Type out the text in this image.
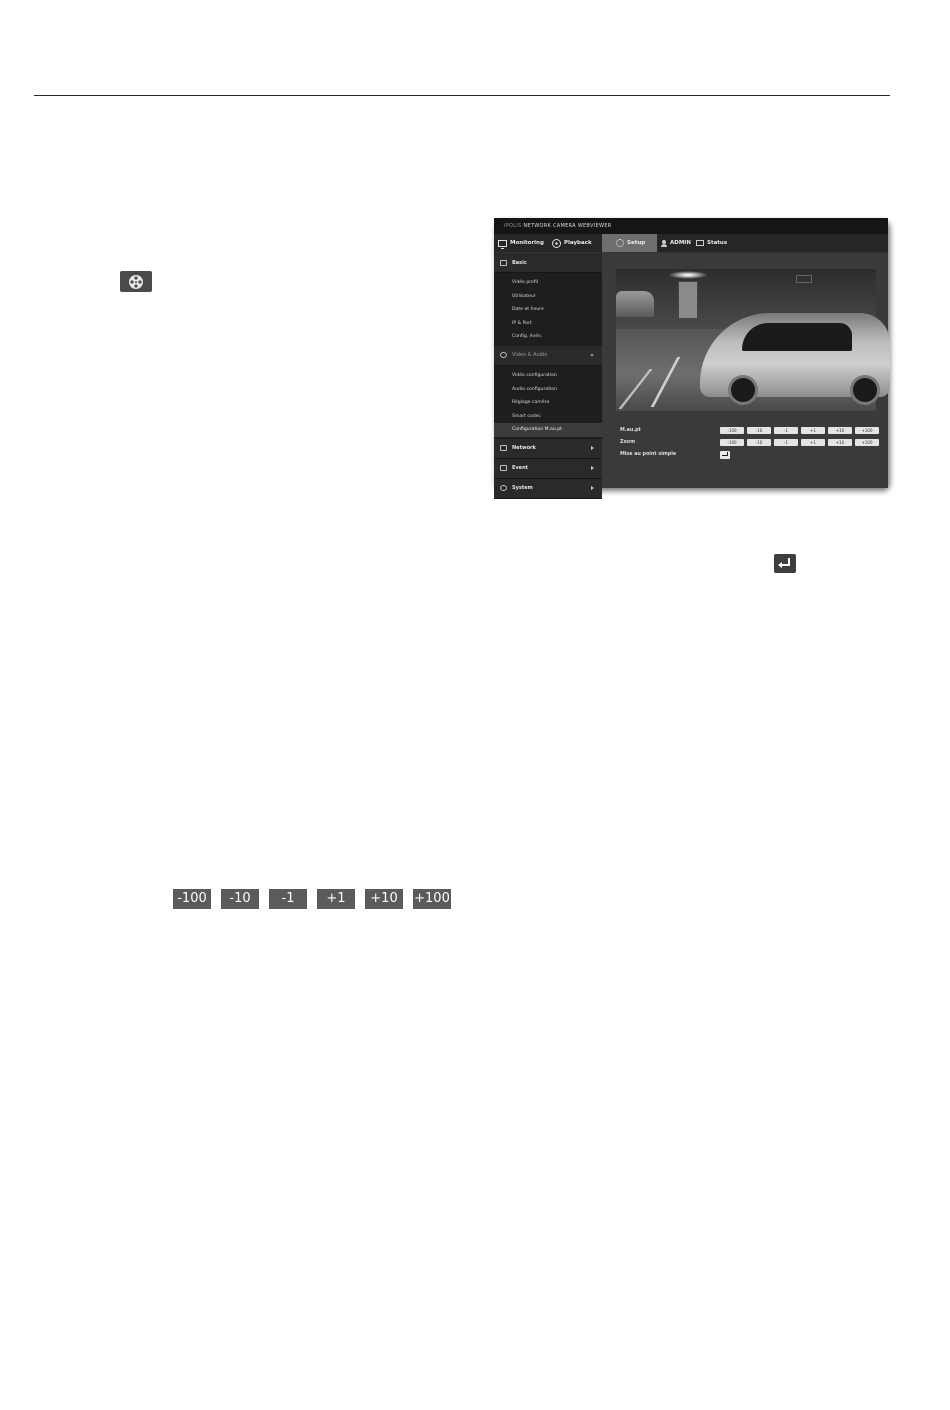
iPOLiS NETWORK CAMERA WEBVIEWER
Monitoring	Playback	Setup	ADMIN	Status
Basic
Vidéo profil
Utilisateur
Date et heure
IP & Port
Config. évén.
Video & Audio
Vidéo configuration
Audio configuration
Réglage caméra
Smart codec
Configuration M.au.pt
Network
Event
System
M.au.pt	-100	-10	-1	+1	+10	+100
Zoom	-100	-10	-1	+1	+10	+100
Mise au point simple
-100	-10	-1	+1	+10	+100
